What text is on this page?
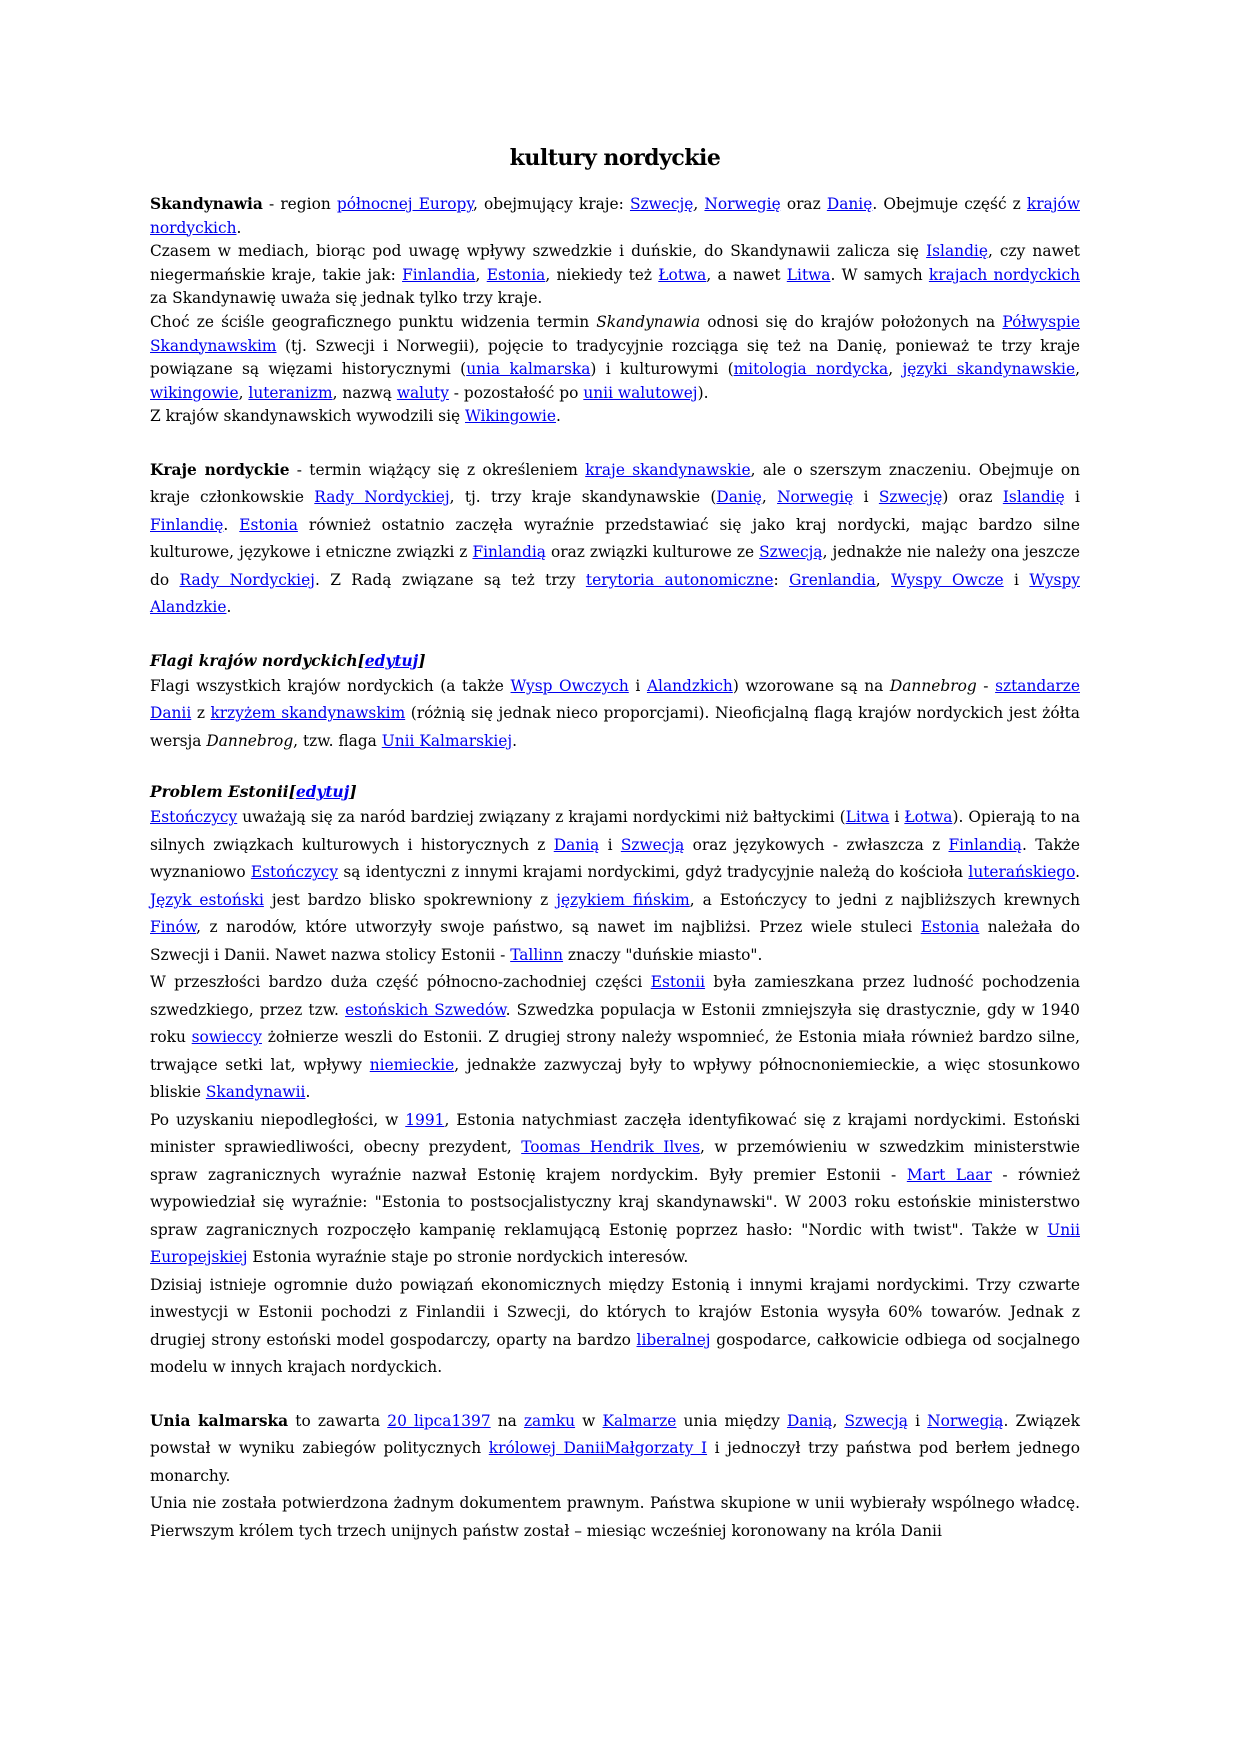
kultury nordyckie

Skandynawia - region północnej Europy, obejmujący kraje: Szwecję, Norwegię oraz Danię. Obejmuje część z krajów nordyckich.

Czasem w mediach, biorąc pod uwagę wpływy szwedzkie i duńskie, do Skandynawii zalicza się Islandię, czy nawet niegermańskie kraje, takie jak: Finlandia, Estonia, niekiedy też Łotwa, a nawet Litwa. W samych krajach nordyckich za Skandynawię uważa się jednak tylko trzy kraje.

Choć ze ściśle geograficznego punktu widzenia termin Skandynawia odnosi się do krajów położonych na Półwyspie Skandynawskim (tj. Szwecji i Norwegii), pojęcie to tradycyjnie rozciąga się też na Danię, ponieważ te trzy kraje powiązane są więzami historycznymi (unia kalmarska) i kulturowymi (mitologia nordycka, języki skandynawskie, wikingowie, luteranizm, nazwą waluty - pozostałość po unii walutowej).

Z krajów skandynawskich wywodzili się Wikingowie.

Kraje nordyckie - termin wiążący się z określeniem kraje skandynawskie, ale o szerszym znaczeniu. Obejmuje on kraje członkowskie Rady Nordyckiej, tj. trzy kraje skandynawskie (Danię, Norwegię i Szwecję) oraz Islandię i Finlandię. Estonia również ostatnio zaczęła wyraźnie przedstawiać się jako kraj nordycki, mając bardzo silne kulturowe, językowe i etniczne związki z Finlandią oraz związki kulturowe ze Szwecją, jednakże nie należy ona jeszcze do Rady Nordyckiej. Z Radą związane są też trzy terytoria autonomiczne: Grenlandia, Wyspy Owcze i Wyspy Alandzkie.

Flagi krajów nordyckich[edytuj]

Flagi wszystkich krajów nordyckich (a także Wysp Owczych i Alandzkich) wzorowane są na Dannebrog - sztandarze Danii z krzyżem skandynawskim (różnią się jednak nieco proporcjami). Nieoficjalną flagą krajów nordyckich jest żółta wersja Dannebrog, tzw. flaga Unii Kalmarskiej.

Problem Estonii[edytuj]

Estończycy uważają się za naród bardziej związany z krajami nordyckimi niż bałtyckimi (Litwa i Łotwa). Opierają to na silnych związkach kulturowych i historycznych z Danią i Szwecją oraz językowych - zwłaszcza z Finlandią. Także wyznaniowo Estończycy są identyczni z innymi krajami nordyckimi, gdyż tradycyjnie należą do kościoła luterańskiego. Język estoński jest bardzo blisko spokrewniony z językiem fińskim, a Estończycy to jedni z najbliższych krewnych Finów, z narodów, które utworzyły swoje państwo, są nawet im najbliżsi. Przez wiele stuleci Estonia należała do Szwecji i Danii. Nawet nazwa stolicy Estonii - Tallinn znaczy "duńskie miasto".

W przeszłości bardzo duża część północno-zachodniej części Estonii była zamieszkana przez ludność pochodzenia szwedzkiego, przez tzw. estońskich Szwedów. Szwedzka populacja w Estonii zmniejszyła się drastycznie, gdy w 1940 roku sowieccy żołnierze weszli do Estonii. Z drugiej strony należy wspomnieć, że Estonia miała również bardzo silne, trwające setki lat, wpływy niemieckie, jednakże zazwyczaj były to wpływy północnoniemieckie, a więc stosunkowo bliskie Skandynawii.

Po uzyskaniu niepodległości, w 1991, Estonia natychmiast zaczęła identyfikować się z krajami nordyckimi. Estoński minister sprawiedliwości, obecny prezydent, Toomas Hendrik Ilves, w przemówieniu w szwedzkim ministerstwie spraw zagranicznych wyraźnie nazwał Estonię krajem nordyckim. Były premier Estonii - Mart Laar - również wypowiedział się wyraźnie: "Estonia to postsocjalistyczny kraj skandynawski". W 2003 roku estońskie ministerstwo spraw zagranicznych rozpoczęło kampanię reklamującą Estonię poprzez hasło: "Nordic with twist". Także w Unii Europejskiej Estonia wyraźnie staje po stronie nordyckich interesów.

Dzisiaj istnieje ogromnie dużo powiązań ekonomicznych między Estonią i innymi krajami nordyckimi. Trzy czwarte inwestycji w Estonii pochodzi z Finlandii i Szwecji, do których to krajów Estonia wysyła 60% towarów. Jednak z drugiej strony estoński model gospodarczy, oparty na bardzo liberalnej gospodarce, całkowicie odbiega od socjalnego modelu w innych krajach nordyckich.

Unia kalmarska to zawarta 20 lipca1397 na zamku w Kalmarze unia między Danią, Szwecją i Norwegią. Związek powstał w wyniku zabiegów politycznych królowej DaniiMałgorzaty I i jednoczył trzy państwa pod berłem jednego monarchy.

Unia nie została potwierdzona żadnym dokumentem prawnym. Państwa skupione w unii wybierały wspólnego władcę. Pierwszym królem tych trzech unijnych państw został – miesiąc wcześniej koronowany na króla Danii
